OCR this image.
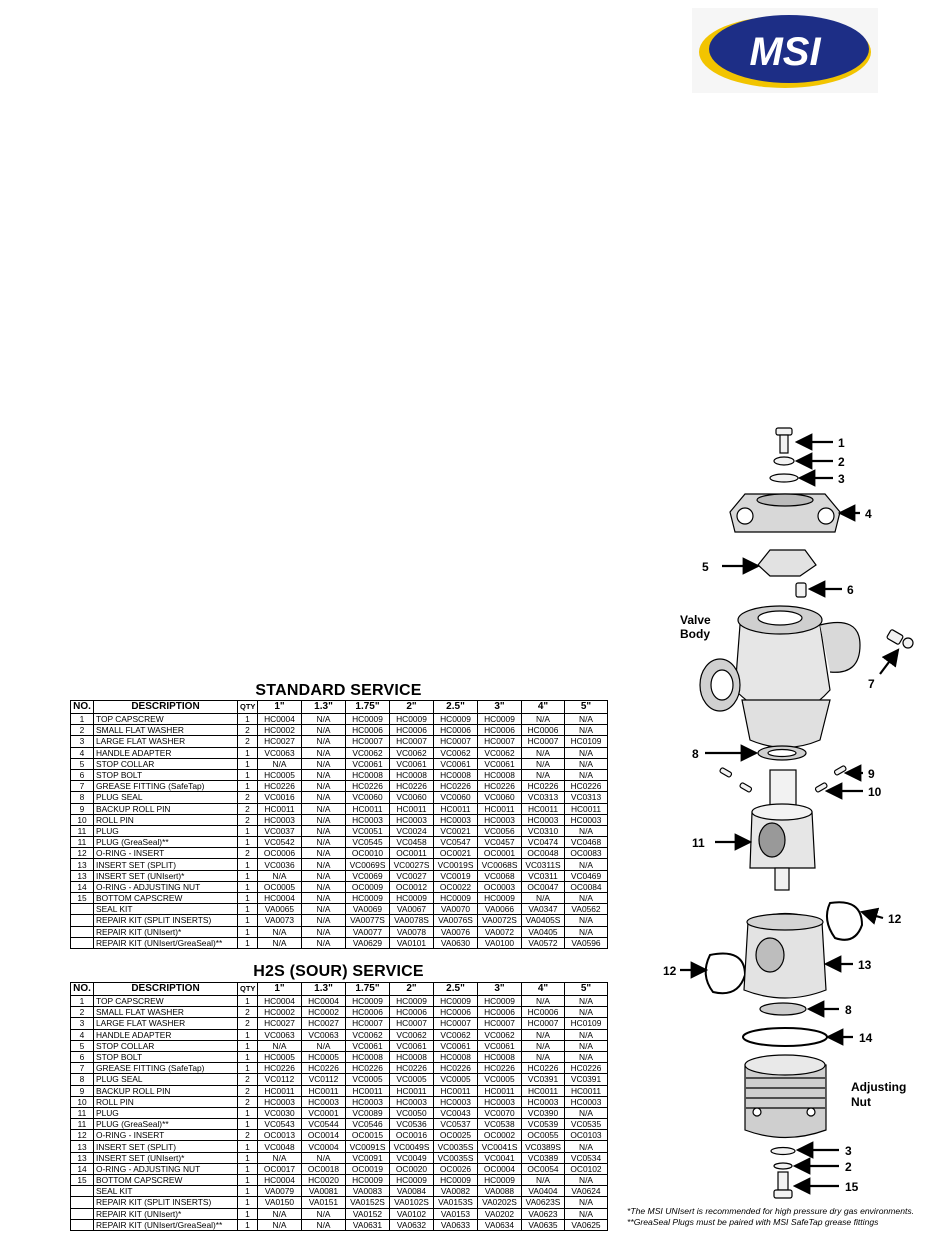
MSI
STANDARD SERVICE
H2S (SOUR) SERVICE
NO.	DESCRIPTION	QTY	1"	1.3"	1.75"	2"	2.5"	3"	4"	5"
1	TOP CAPSCREW	1	HC0004	N/A	HC0009	HC0009	HC0009	HC0009	N/A	N/A
2	SMALL FLAT WASHER	2	HC0002	N/A	HC0006	HC0006	HC0006	HC0006	HC0006	N/A
3	LARGE FLAT WASHER	2	HC0027	N/A	HC0007	HC0007	HC0007	HC0007	HC0007	HC0109
4	HANDLE ADAPTER	1	VC0063	N/A	VC0062	VC0062	VC0062	VC0062	N/A	N/A
5	STOP COLLAR	1	N/A	N/A	VC0061	VC0061	VC0061	VC0061	N/A	N/A
6	STOP BOLT	1	HC0005	N/A	HC0008	HC0008	HC0008	HC0008	N/A	N/A
7	GREASE FITTING (SafeTap)	1	HC0226	N/A	HC0226	HC0226	HC0226	HC0226	HC0226	HC0226
8	PLUG SEAL	2	VC0016	N/A	VC0060	VC0060	VC0060	VC0060	VC0313	VC0313
9	BACKUP ROLL PIN	2	HC0011	N/A	HC0011	HC0011	HC0011	HC0011	HC0011	HC0011
10	ROLL PIN	2	HC0003	N/A	HC0003	HC0003	HC0003	HC0003	HC0003	HC0003
11	PLUG	1	VC0037	N/A	VC0051	VC0024	VC0021	VC0056	VC0310	N/A
11	PLUG (GreaSeal)**	1	VC0542	N/A	VC0545	VC0458	VC0547	VC0457	VC0474	VC0468
12	O-RING - INSERT	2	OC0006	N/A	OC0010	OC0011	OC0021	OC0001	OC0048	OC0083
13	INSERT SET (SPLIT)	1	VC0036	N/A	VC0069S	VC0027S	VC0019S	VC0068S	VC0311S	N/A
13	INSERT SET (UNIsert)*	1	N/A	N/A	VC0069	VC0027	VC0019	VC0068	VC0311	VC0469
14	O-RING - ADJUSTING NUT	1	OC0005	N/A	OC0009	OC0012	OC0022	OC0003	OC0047	OC0084
15	BOTTOM CAPSCREW	1	HC0004	N/A	HC0009	HC0009	HC0009	HC0009	N/A	N/A
	SEAL KIT	1	VA0065	N/A	VA0069	VA0067	VA0070	VA0066	VA0347	VA0562
	REPAIR KIT (SPLIT INSERTS)	1	VA0073	N/A	VA0077S	VA0078S	VA0076S	VA0072S	VA0405S	N/A
	REPAIR KIT (UNIsert)*	1	N/A	N/A	VA0077	VA0078	VA0076	VA0072	VA0405	N/A
	REPAIR KIT (UNIsert/GreaSeal)**	1	N/A	N/A	VA0629	VA0101	VA0630	VA0100	VA0572	VA0596
NO.	DESCRIPTION	QTY	1"	1.3"	1.75"	2"	2.5"	3"	4"	5"
1	TOP CAPSCREW	1	HC0004	HC0004	HC0009	HC0009	HC0009	HC0009	N/A	N/A
2	SMALL FLAT WASHER	2	HC0002	HC0002	HC0006	HC0006	HC0006	HC0006	HC0006	N/A
3	LARGE FLAT WASHER	2	HC0027	HC0027	HC0007	HC0007	HC0007	HC0007	HC0007	HC0109
4	HANDLE ADAPTER	1	VC0063	VC0063	VC0062	VC0062	VC0062	VC0062	N/A	N/A
5	STOP COLLAR	1	N/A	N/A	VC0061	VC0061	VC0061	VC0061	N/A	N/A
6	STOP BOLT	1	HC0005	HC0005	HC0008	HC0008	HC0008	HC0008	N/A	N/A
7	GREASE FITTING (SafeTap)	1	HC0226	HC0226	HC0226	HC0226	HC0226	HC0226	HC0226	HC0226
8	PLUG SEAL	2	VC0112	VC0112	VC0005	VC0005	VC0005	VC0005	VC0391	VC0391
9	BACKUP ROLL PIN	2	HC0011	HC0011	HC0011	HC0011	HC0011	HC0011	HC0011	HC0011
10	ROLL PIN	2	HC0003	HC0003	HC0003	HC0003	HC0003	HC0003	HC0003	HC0003
11	PLUG	1	VC0030	VC0001	VC0089	VC0050	VC0043	VC0070	VC0390	N/A
11	PLUG (GreaSeal)**	1	VC0543	VC0544	VC0546	VC0536	VC0537	VC0538	VC0539	VC0535
12	O-RING - INSERT	2	OC0013	OC0014	OC0015	OC0016	OC0025	OC0002	OC0055	OC0103
13	INSERT SET (SPLIT)	1	VC0048	VC0004	VC0091S	VC0049S	VC0035S	VC0041S	VC0389S	N/A
13	INSERT SET (UNIsert)*	1	N/A	N/A	VC0091	VC0049	VC0035S	VC0041	VC0389	VC0534
14	O-RING - ADJUSTING NUT	1	OC0017	OC0018	OC0019	OC0020	OC0026	OC0004	OC0054	OC0102
15	BOTTOM CAPSCREW	1	HC0004	HC0020	HC0009	HC0009	HC0009	HC0009	N/A	N/A
	SEAL KIT	1	VA0079	VA0081	VA0083	VA0084	VA0082	VA0088	VA0404	VA0624
	REPAIR KIT (SPLIT INSERTS)	1	VA0150	VA0151	VA0152S	VA0102S	VA0153S	VA0202S	VA0623S	N/A
	REPAIR KIT (UNIsert)*	1	N/A	N/A	VA0152	VA0102	VA0153	VA0202	VA0623	N/A
	REPAIR KIT (UNIsert/GreaSeal)**	1	N/A	N/A	VA0631	VA0632	VA0633	VA0634	VA0635	VA0625
1
2
3
4
5
6
Valve
Body
7
8
9
10
11
12
13
12
8
14
Adjusting
Nut
3
2
15
*The MSI UNIsert is recommended for high pressure dry gas environments.
**GreaSeal Plugs must be paired with MSI SafeTap grease fittings
